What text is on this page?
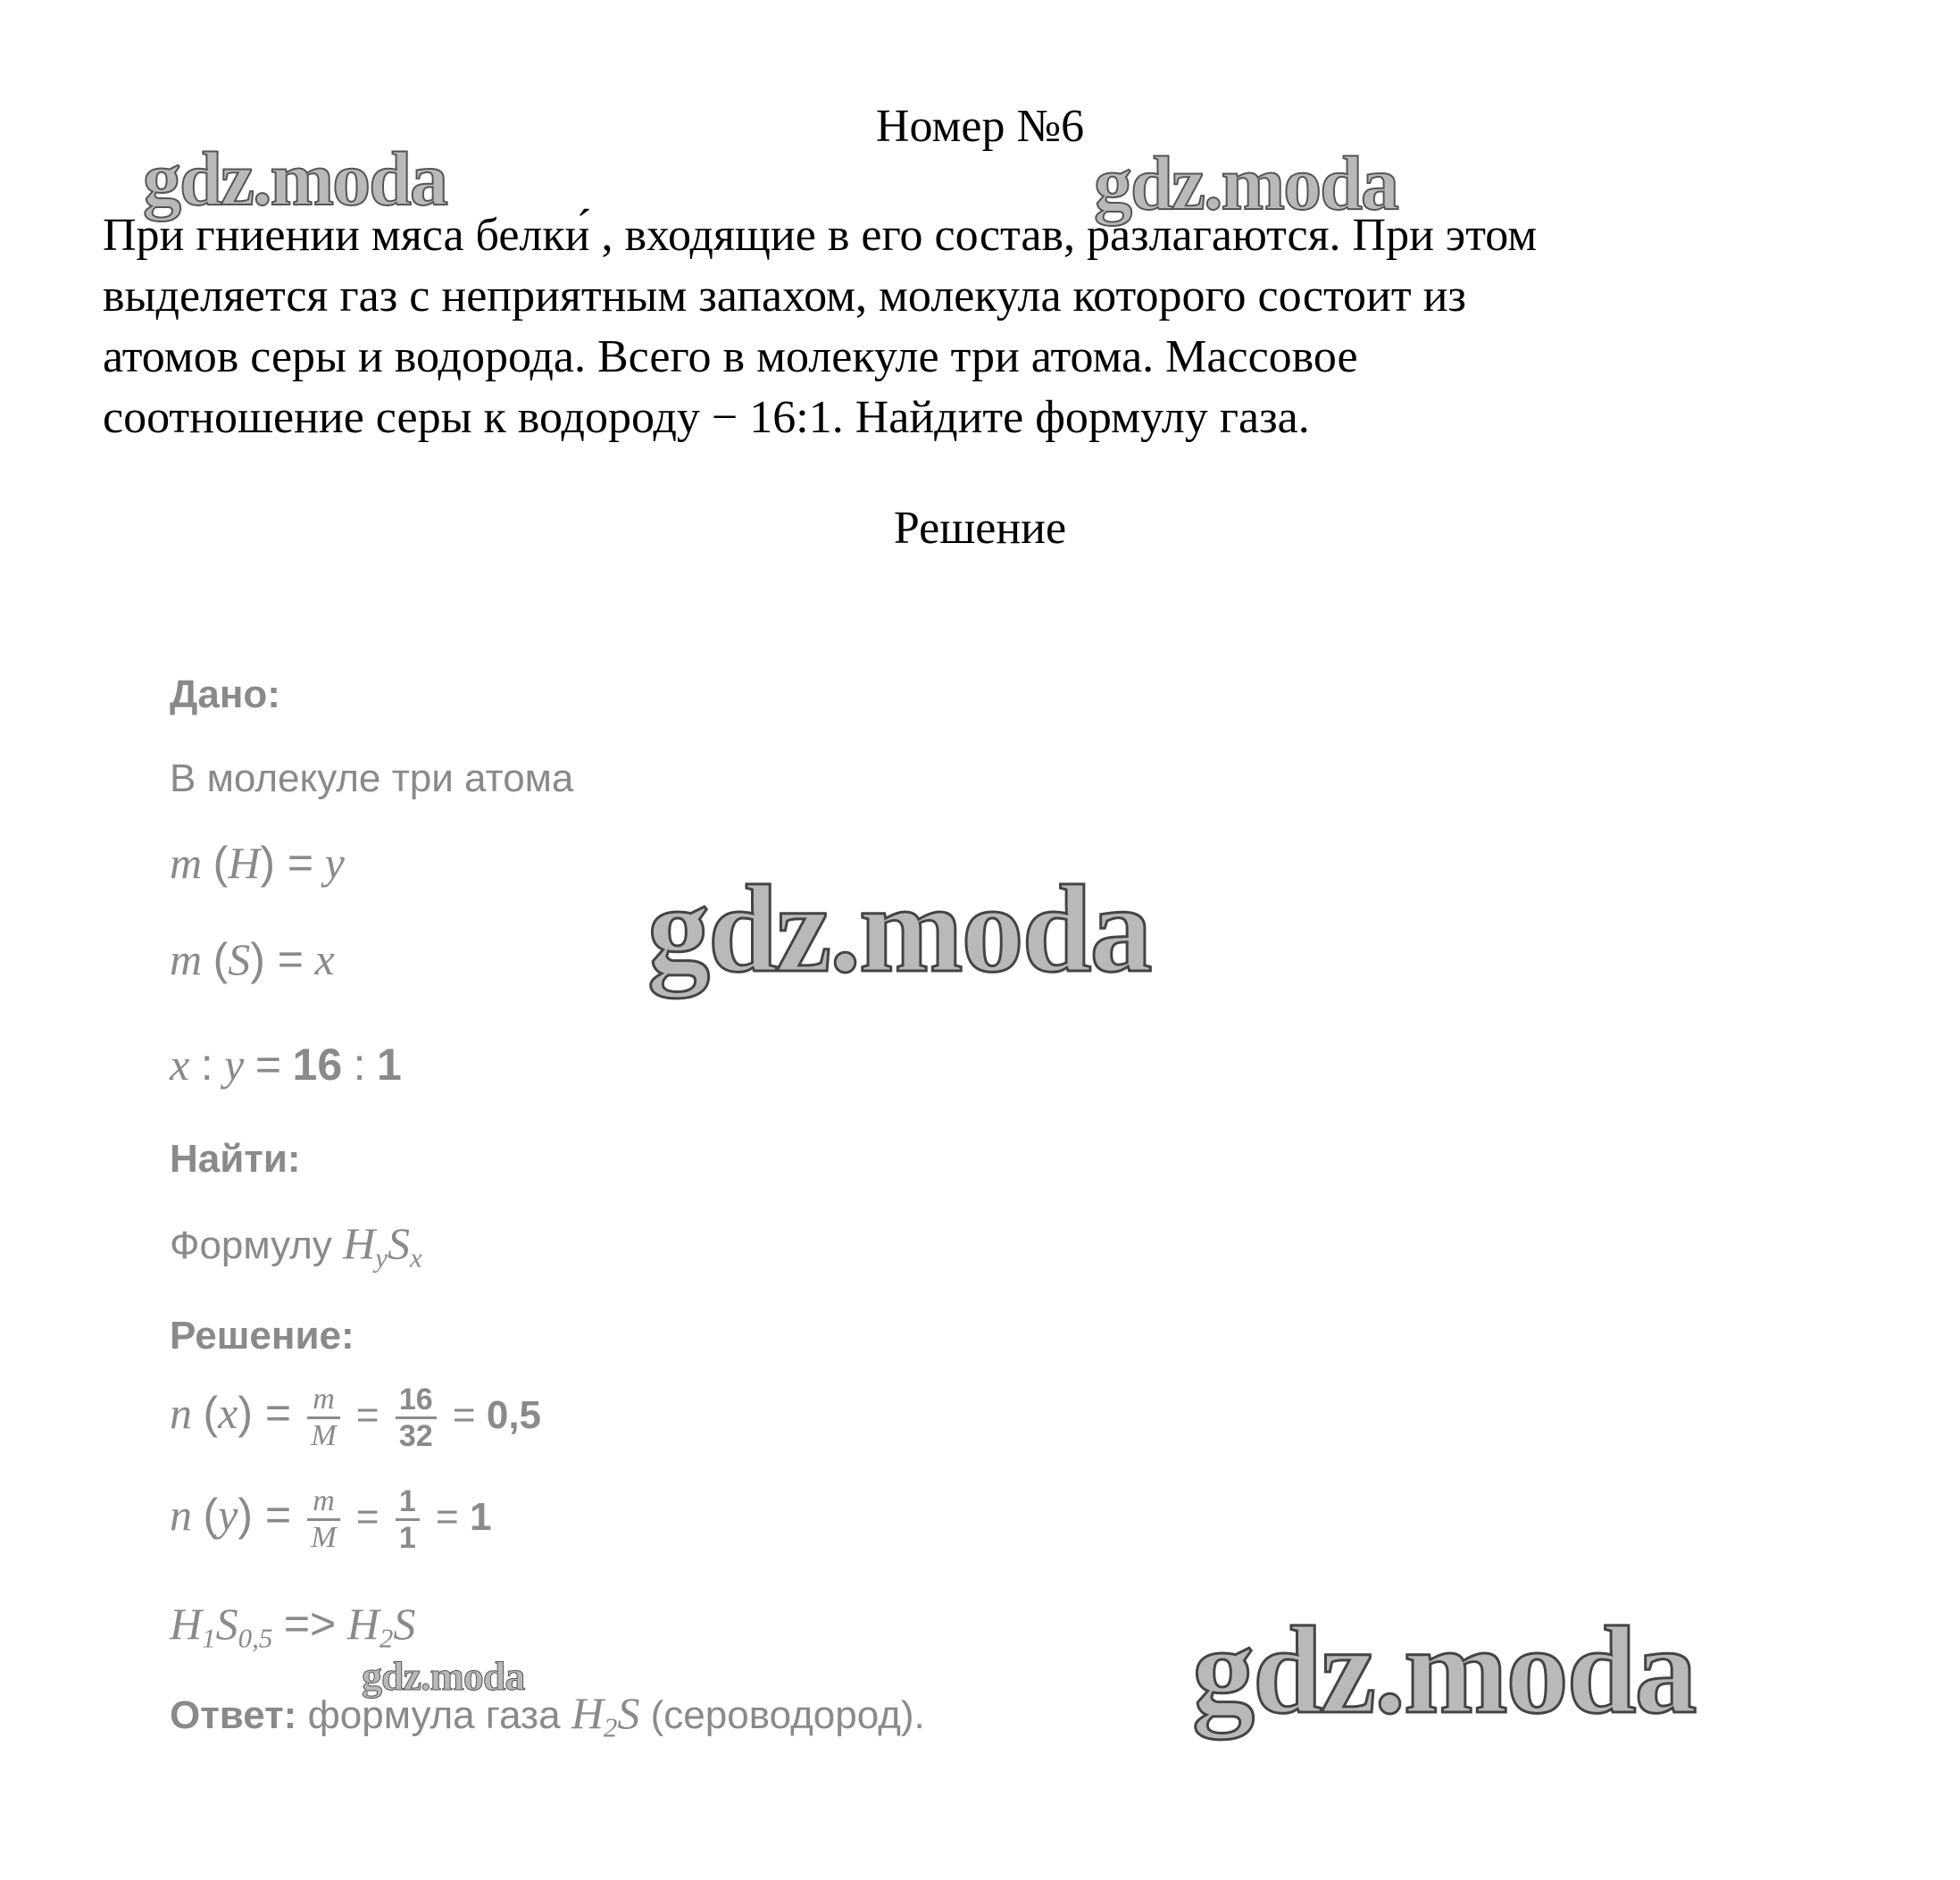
Номер №6
При гниении мяса белки́ , входящие в его состав, разлагаются. При этом
выделяется газ с неприятным запахом, молекула которого состоит из
атомов серы и водорода. Всего в молекуле три атома. Массовое
соотношение серы к водороду − 16:1. Найдите формулу газа.
Решение
Дано:
В молекуле три атома
m (H) = y
m (S) = x
x : y = 16 : 1
Найти:
Формулу $H_yS_x$
Решение:
n $(x) = \frac{m}{M} = \frac{16}{32} = 0,5$
n $(y) = \frac{m}{M} = \frac{1}{1} = 1$
$H_1S_{0,5} => H_2S$
Ответ: формула газа $H_2S$ (сероводород).
gdz.moda	gdz.moda
gdz.moda
gdz.moda
gdz.moda
